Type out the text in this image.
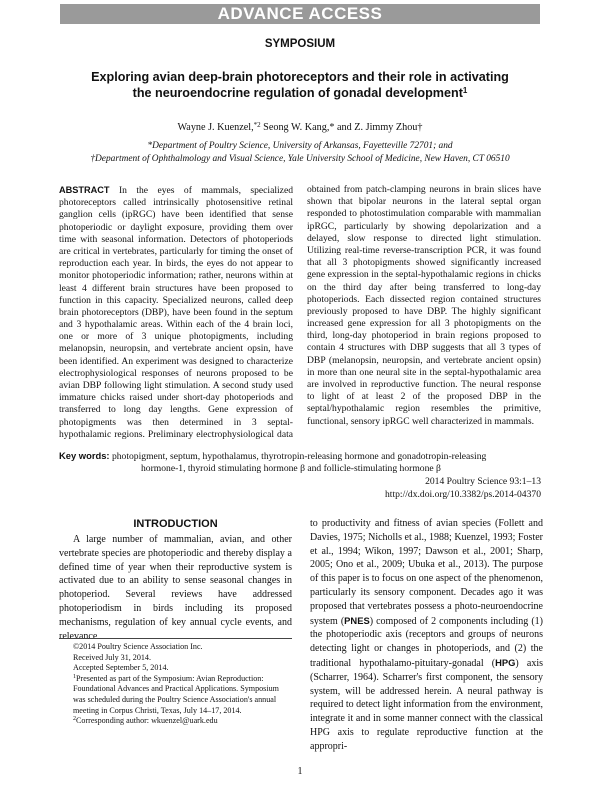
ADVANCE ACCESS
SYMPOSIUM
Exploring avian deep-brain photoreceptors and their role in activating
the neuroendocrine regulation of gonadal development$^1$
Wayne J. Kuenzel,$^{*2}$ Seong W. Kang,* and Z. Jimmy Zhou†
*Department of Poultry Science, University of Arkansas, Fayetteville 72701; and
†Department of Ophthalmology and Visual Science, Yale University School of Medicine, New Haven, CT 06510
ABSTRACT In the eyes of mammals, specialized photoreceptors called intrinsically photosensitive retinal ganglion cells (ipRGC) have been identified that sense photoperiodic or daylight exposure, providing them over time with seasonal information. Detectors of photoperiods are critical in vertebrates, particularly for timing the onset of reproduction each year. In birds, the eyes do not appear to monitor photoperiodic information; rather, neurons within at least 4 different brain structures have been proposed to function in this capacity. Specialized neurons, called deep brain photoreceptors (DBP), have been found in the septum and 3 hypothalamic areas. Within each of the 4 brain loci, one or more of 3 unique photopigments, including melanopsin, neuropsin, and vertebrate ancient opsin, have been identified. An experiment was designed to characterize electrophysiological responses of neurons proposed to be avian DBP following light stimulation. A second study used immature chicks raised under short-day photoperiods and transferred to long day lengths. Gene expression of photopigments was then determined in 3 septal-hypothalamic regions. Preliminary electrophysiological data obtained from patch-clamping neurons in brain slices have shown that bipolar neurons in the lateral septal organ responded to photostimulation comparable with mammalian ipRGC, particularly by showing depolarization and a delayed, slow response to directed light stimulation. Utilizing real-time reverse-transcription PCR, it was found that all 3 photopigments showed significantly increased gene expression in the septal-hypothalamic regions in chicks on the third day after being transferred to long-day photoperiods. Each dissected region contained structures previously proposed to have DBP. The highly significant increased gene expression for all 3 photopigments on the third, long-day photoperiod in brain regions proposed to contain 4 structures with DBP suggests that all 3 types of DBP (melanopsin, neuropsin, and vertebrate ancient opsin) in more than one neural site in the septal-hypothalamic area are involved in reproductive function. The neural response to light of at least 2 of the proposed DBP in the septal/hypothalamic region resembles the primitive, functional, sensory ipRGC well characterized in mammals.
Key words: photopigment, septum, hypothalamus, thyrotropin-releasing hormone and gonadotropin-releasing
hormone-1, thyroid stimulating hormone β and follicle-stimulating hormone β
2014 Poultry Science 93:1–13
http://dx.doi.org/10.3382/ps.2014-04370
INTRODUCTION

A large number of mammalian, avian, and other vertebrate species are photoperiodic and thereby display a defined time of year when their reproductive system is activated due to an ability to sense seasonal changes in photoperiod. Several reviews have addressed photoperiodism in birds including its proposed mechanisms, regulation of key annual cycle events, and relevance

to productivity and fitness of avian species (Follett and Davies, 1975; Nicholls et al., 1988; Kuenzel, 1993; Foster et al., 1994; Wikon, 1997; Dawson et al., 2001; Sharp, 2005; Ono et al., 2009; Ubuka et al., 2013). The purpose of this paper is to focus on one aspect of the phenomenon, particularly its sensory component. Decades ago it was proposed that vertebrates possess a photo-neuroendocrine system (PNES) composed of 2 components including (1) the photoperiodic axis (receptors and groups of neurons detecting light or changes in photoperiods, and (2) the traditional hypothalamo-pituitary-gonadal (HPG) axis (Scharrer, 1964). Scharrer's first component, the sensory system, will be addressed herein. A neural pathway is required to detect light information from the environment, integrate it and in some manner connect with the classical HPG axis to regulate reproductive function at the appropri-

©2014 Poultry Science Association Inc.
Received July 31, 2014.
Accepted September 5, 2014.
$^1$Presented as part of the Symposium: Avian Reproduction: Foundational Advances and Practical Applications. Symposium was scheduled during the Poultry Science Association's annual meeting in Corpus Christi, Texas, July 14–17, 2014.
$^2$Corresponding author: wkuenzel@uark.edu
1
